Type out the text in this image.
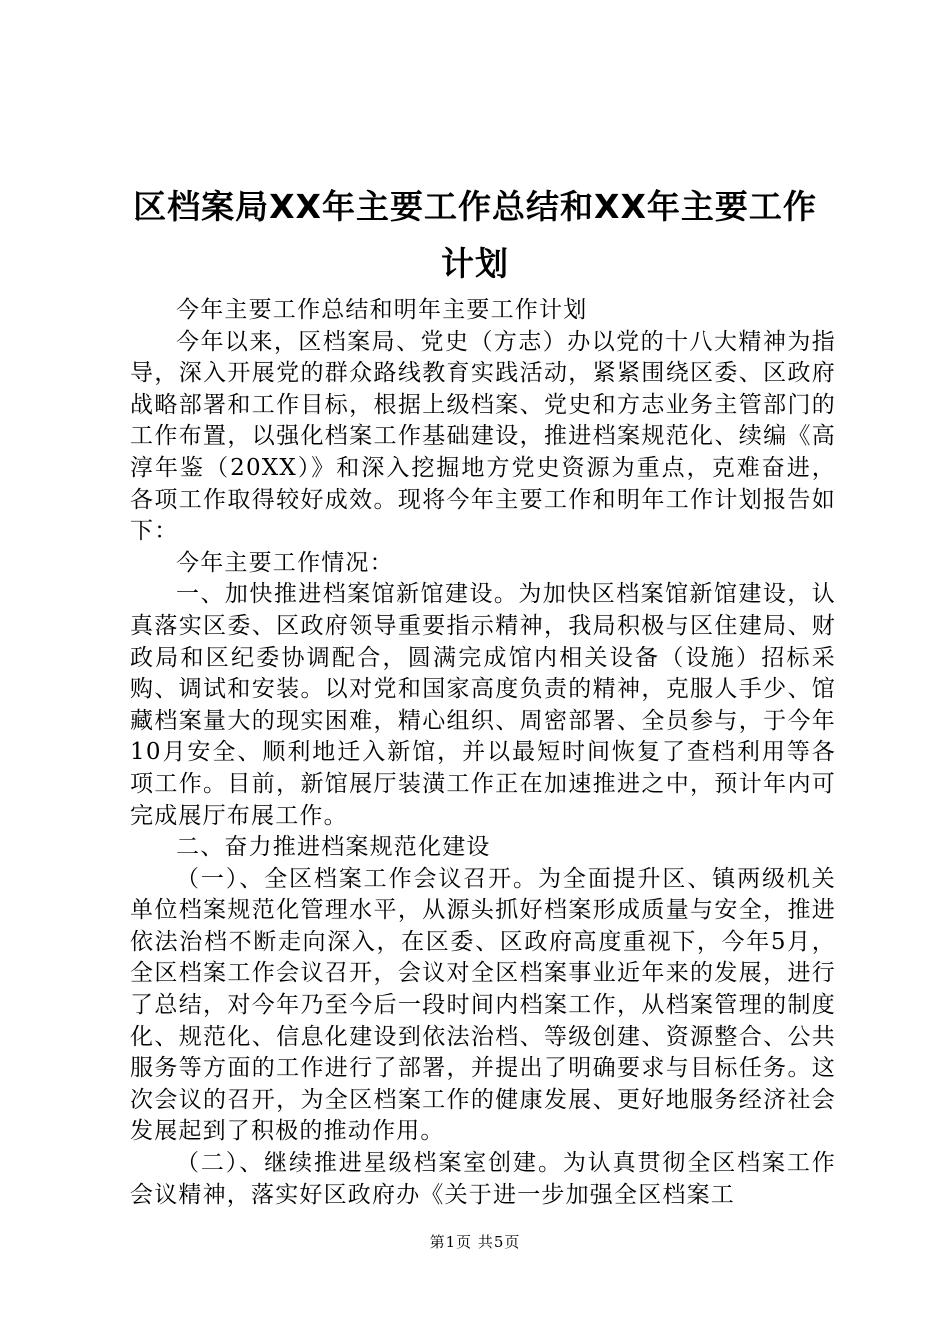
区档案局XX年主要工作总结和XX年主要工作
计划

今年主要工作总结和明年主要工作计划

今年以来，区档案局、党史（方志）办以党的十八大精神为指导，深入开展党的群众路线教育实践活动，紧紧围绕区委、区政府战略部署和工作目标，根据上级档案、党史和方志业务主管部门的工作布置，以强化档案工作基础建设，推进档案规范化、续编《高淳年鉴（20XX）》和深入挖掘地方党史资源为重点，克难奋进，各项工作取得较好成效。现将今年主要工作和明年工作计划报告如下：

今年主要工作情况：

一、加快推进档案馆新馆建设。为加快区档案馆新馆建设，认真落实区委、区政府领导重要指示精神，我局积极与区住建局、财政局和区纪委协调配合，圆满完成馆内相关设备（设施）招标采购、调试和安装。以对党和国家高度负责的精神，克服人手少、馆藏档案量大的现实困难，精心组织、周密部署、全员参与，于今年10月安全、顺利地迁入新馆，并以最短时间恢复了查档利用等各项工作。目前，新馆展厅装潢工作正在加速推进之中，预计年内可完成展厅布展工作。

二、奋力推进档案规范化建设

（一）、全区档案工作会议召开。为全面提升区、镇两级机关单位档案规范化管理水平，从源头抓好档案形成质量与安全，推进依法治档不断走向深入，在区委、区政府高度重视下，今年5月，全区档案工作会议召开，会议对全区档案事业近年来的发展，进行了总结，对今年乃至今后一段时间内档案工作，从档案管理的制度化、规范化、信息化建设到依法治档、等级创建、资源整合、公共服务等方面的工作进行了部署，并提出了明确要求与目标任务。这次会议的召开，为全区档案工作的健康发展、更好地服务经济社会发展起到了积极的推动作用。

（二）、继续推进星级档案室创建。为认真贯彻全区档案工作会议精神，落实好区政府办《关于进一步加强全区档案工

第1页 共5页
